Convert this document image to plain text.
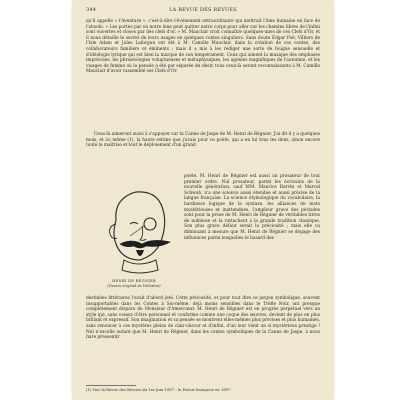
344	LA REVUE DES REVUES

qu'il appelle « l'Aventure », c'est-à-dire l'événement extraordinaire qui mettrait l'âme humaine en face de l'absolu. « Les portes par où notre âme peut quitter notre corps pour aller sur les chemins libres de l'infini sont ouvertes et closes par des clefs d'or. » M. Mauclair croit connaître quelques-unes de ces Clefs d'Or, et il nous détaille le secret de leurs usages en quelques contes singuliers. Sans doute Edgar Poë, Villiers de l'Isle Adam et Jules Laforgue ont été à M. Camille Mauclair, dans la création de ces contes, des collaborateurs familiers et éminents ; mais il a mis à les rédiger une sorte de fougue sensuelle et d'idéologie lyrique qui est bien la marque de son tempérament. Ceux qui aiment la musique des emphases imprécises, les phraséologies voluptueuses et métaphysiques, les agonies magnifiques de l'automne, et les visages de femme où la pensée a été par séparée du désir, tous ceux-là seront reconnaissants à M. Camille Mauclair d'avoir rassemblé ses Clefs d'Or.

Ceux-là aimeront aussi à s'appuyer sur la Canne de Jaspe de M. Henri de Régnier. J'ai dit il y a quelques mois, et ici même (1), la haute estime que j'avais pour ce poète, qui a en lui tous les dons, sinon encore toute la maîtrise et tout le déploiement d'un grand

poète. M. Henri de Régnier est aussi un prosateur de tout premier ordre. Nul prosateur, parmi les écrivains de la nouvelle génération, sauf MM. Maurice Barrès et Marcel Schwob, n'a une science aussi étendue et aussi précise de la langue française. La science étymologique du vocabulaire, la hardiesse logique de la syntaxe, les alliances de mots mystérieuses et inattendues, l'ampleur grave des périodes sont pour la prose de M. Henri de Régnier de véritables titres de noblesse et la rattachent à la grande tradition classique. Son plus grave défaut serait la préciosité ; mais elle va diminuant à mesure que M. Henri de Régnier se dégage des influences parmi lesquelles le hasard des

HENRI DE RÉGNIER
(Dessin original de Vallotton)

destinées littéraires l'avait d'abord jeté. Cette préciosité, et pour tout dire ce jargon symbolique, souvent insupportables dans les Contes à Soi-même, déjà moins sensibles dans le Trèfle Noir, ont presque complètement disparu de Monsieur d'Amercœur. M. Henri de Régnier est en progrès perpétuel vers un style qui, sans cesser d'être personnel et conforme comme une coque des œuvres, devient de plus en plus brillant et expressif. Son imagination et sa pensée se montrent elles-mêmes plus précises et plus humaines, sans renoncer à ces mystères pleins de clair-obscur et d'infini, d'un leur vient un si mystérieux prestige ! Nul n'excelle autant que M. Henri de Régnier, dans les contes symboliques de la Canne de Jaspe, à nous faire pressentir

(1) Voir la Revue des Revues du 1er juin 1897 : la Poésie française en 1897.
